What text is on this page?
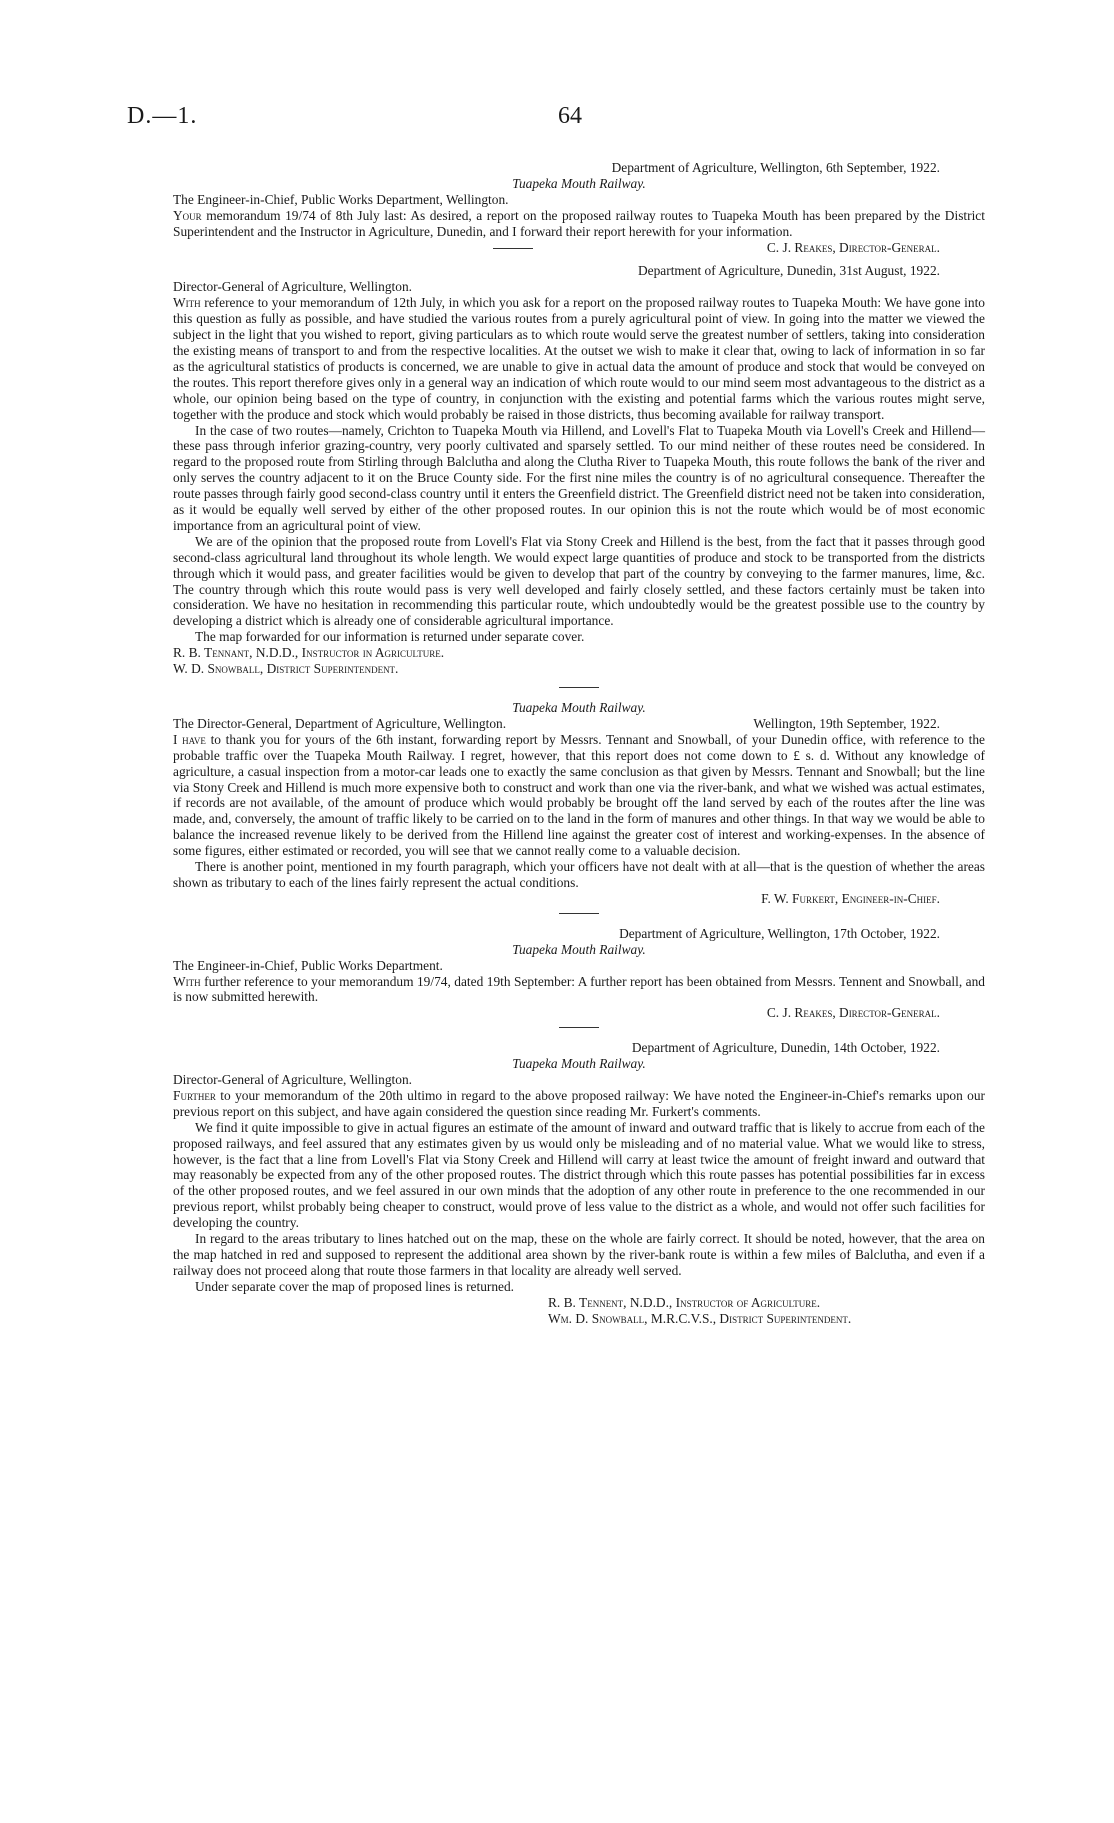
D.—1.	64

Department of Agriculture, Wellington, 6th September, 1922.

Tuapeka Mouth Railway.

The Engineer-in-Chief, Public Works Department, Wellington.

Your memorandum 19/74 of 8th July last: As desired, a report on the proposed railway routes to Tuapeka Mouth has been prepared by the District Superintendent and the Instructor in Agriculture, Dunedin, and I forward their report herewith for your information.

C. J. Reakes, Director-General.

Department of Agriculture, Dunedin, 31st August, 1922.

Director-General of Agriculture, Wellington.

With reference to your memorandum of 12th July, in which you ask for a report on the proposed railway routes to Tuapeka Mouth: We have gone into this question as fully as possible, and have studied the various routes from a purely agricultural point of view. In going into the matter we viewed the subject in the light that you wished to report, giving particulars as to which route would serve the greatest number of settlers, taking into consideration the existing means of transport to and from the respective localities. At the outset we wish to make it clear that, owing to lack of information in so far as the agricultural statistics of products is concerned, we are unable to give in actual data the amount of produce and stock that would be conveyed on the routes. This report therefore gives only in a general way an indication of which route would to our mind seem most advantageous to the district as a whole, our opinion being based on the type of country, in conjunction with the existing and potential farms which the various routes might serve, together with the produce and stock which would probably be raised in those districts, thus becoming available for railway transport.

In the case of two routes—namely, Crichton to Tuapeka Mouth via Hillend, and Lovell's Flat to Tuapeka Mouth via Lovell's Creek and Hillend—these pass through inferior grazing-country, very poorly cultivated and sparsely settled. To our mind neither of these routes need be considered. In regard to the proposed route from Stirling through Balclutha and along the Clutha River to Tuapeka Mouth, this route follows the bank of the river and only serves the country adjacent to it on the Bruce County side. For the first nine miles the country is of no agricultural consequence. Thereafter the route passes through fairly good second-class country until it enters the Greenfield district. The Greenfield district need not be taken into consideration, as it would be equally well served by either of the other proposed routes. In our opinion this is not the route which would be of most economic importance from an agricultural point of view.

We are of the opinion that the proposed route from Lovell's Flat via Stony Creek and Hillend is the best, from the fact that it passes through good second-class agricultural land throughout its whole length. We would expect large quantities of produce and stock to be transported from the districts through which it would pass, and greater facilities would be given to develop that part of the country by conveying to the farmer manures, lime, &c. The country through which this route would pass is very well developed and fairly closely settled, and these factors certainly must be taken into consideration. We have no hesitation in recommending this particular route, which undoubtedly would be the greatest possible use to the country by developing a district which is already one of considerable agricultural importance.

The map forwarded for our information is returned under separate cover.

R. B. Tennant, N.D.D., Instructor in Agriculture.

W. D. Snowball, District Superintendent.

Tuapeka Mouth Railway.

The Director-General, Department of Agriculture, Wellington.	Wellington, 19th September, 1922.

I have to thank you for yours of the 6th instant, forwarding report by Messrs. Tennant and Snowball, of your Dunedin office, with reference to the probable traffic over the Tuapeka Mouth Railway. I regret, however, that this report does not come down to £ s. d. Without any knowledge of agriculture, a casual inspection from a motor-car leads one to exactly the same conclusion as that given by Messrs. Tennant and Snowball; but the line via Stony Creek and Hillend is much more expensive both to construct and work than one via the river-bank, and what we wished was actual estimates, if records are not available, of the amount of produce which would probably be brought off the land served by each of the routes after the line was made, and, conversely, the amount of traffic likely to be carried on to the land in the form of manures and other things. In that way we would be able to balance the increased revenue likely to be derived from the Hillend line against the greater cost of interest and working-expenses. In the absence of some figures, either estimated or recorded, you will see that we cannot really come to a valuable decision.

There is another point, mentioned in my fourth paragraph, which your officers have not dealt with at all—that is the question of whether the areas shown as tributary to each of the lines fairly represent the actual conditions.

F. W. Furkert, Engineer-in-Chief.

Department of Agriculture, Wellington, 17th October, 1922.

Tuapeka Mouth Railway.

The Engineer-in-Chief, Public Works Department.

With further reference to your memorandum 19/74, dated 19th September: A further report has been obtained from Messrs. Tennent and Snowball, and is now submitted herewith.

C. J. Reakes, Director-General.

Department of Agriculture, Dunedin, 14th October, 1922.

Tuapeka Mouth Railway.

Director-General of Agriculture, Wellington.

Further to your memorandum of the 20th ultimo in regard to the above proposed railway: We have noted the Engineer-in-Chief's remarks upon our previous report on this subject, and have again considered the question since reading Mr. Furkert's comments.

We find it quite impossible to give in actual figures an estimate of the amount of inward and outward traffic that is likely to accrue from each of the proposed railways, and feel assured that any estimates given by us would only be misleading and of no material value. What we would like to stress, however, is the fact that a line from Lovell's Flat via Stony Creek and Hillend will carry at least twice the amount of freight inward and outward that may reasonably be expected from any of the other proposed routes. The district through which this route passes has potential possibilities far in excess of the other proposed routes, and we feel assured in our own minds that the adoption of any other route in preference to the one recommended in our previous report, whilst probably being cheaper to construct, would prove of less value to the district as a whole, and would not offer such facilities for developing the country.

In regard to the areas tributary to lines hatched out on the map, these on the whole are fairly correct. It should be noted, however, that the area on the map hatched in red and supposed to represent the additional area shown by the river-bank route is within a few miles of Balclutha, and even if a railway does not proceed along that route those farmers in that locality are already well served.

Under separate cover the map of proposed lines is returned.

R. B. Tennent, N.D.D., Instructor of Agriculture.

Wm. D. Snowball, M.R.C.V.S., District Superintendent.
